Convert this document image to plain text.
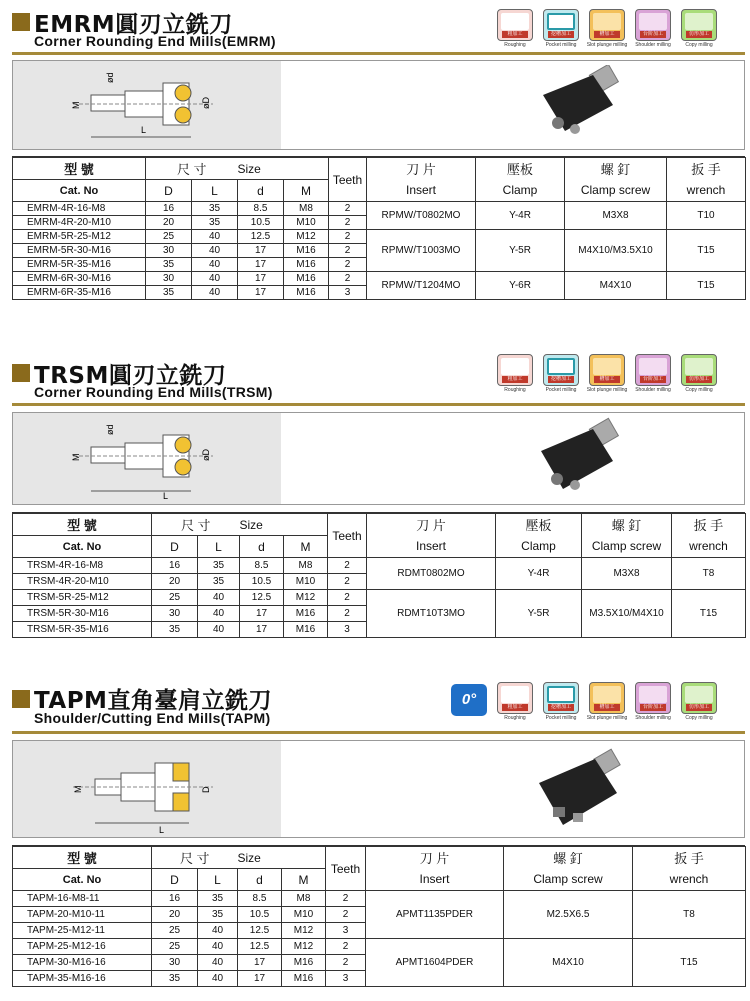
EMRM圓刃立銑刀
Corner Rounding End Mills(EMRM)	粗加工
Roughing
挖槽加工
Pocket milling
槽加工
Slot plunge milling
台阶加工
Shoulder milling
仿形加工
Copy milling
L
M
ød
øD
型 號	尺 寸		Size		Teeth	刀 片	壓板	螺 釘	扳 手
Cat. No	D	L	d	M		Insert	Clamp	Clamp screw	wrench
EMRM-4R-16-M8	16	35	8.5	M8	2	RPMW/T0802MO	Y-4R	M3X8	T10
EMRM-4R-20-M10	20	35	10.5	M10	2				
EMRM-5R-25-M12	25	40	12.5	M12	2	RPMW/T1003MO	Y-5R	M4X10/M3.5X10	T15
EMRM-5R-30-M16	30	40	17	M16	2				
EMRM-5R-35-M16	35	40	17	M16	2				
EMRM-6R-30-M16	30	40	17	M16	2	RPMW/T1204MO	Y-6R	M4X10	T15
EMRM-6R-35-M16	35	40	17	M16	3				
TRSM圓刃立銑刀
Corner Rounding End Mills(TRSM)
粗加工
Roughing
挖槽加工
Pocket milling
槽加工
Slot plunge milling
台阶加工
Shoulder milling
仿形加工
Copy milling
L
M
ød
øD
型 號	尺 寸		Size		Teeth	刀 片	壓板	螺 釘	扳 手
Cat. No	D	L	d	M		Insert	Clamp	Clamp screw	wrench
TRSM-4R-16-M8	16	35	8.5	M8	2	RDMT0802MO	Y-4R	M3X8	T8
TRSM-4R-20-M10	20	35	10.5	M10	2				
TRSM-5R-25-M12	25	40	12.5	M12	2	RDMT10T3MO	Y-5R	M3.5X10/M4X10	T15
TRSM-5R-30-M16	30	40	17	M16	2				
TRSM-5R-35-M16	35	40	17	M16	3				
TAPM直角臺肩立銑刀
Shoulder/Cutting End Mills(TAPM)
0°	粗加工
Roughing
挖槽加工
Pocket milling
槽加工
Slot plunge milling
台阶加工
Shoulder milling
仿形加工
Copy milling
L
M	D
型 號	尺 寸		Size		Teeth	刀 片	螺 釘	扳 手
Cat. No	D	L	d	M		Insert	Clamp screw	wrench
TAPM-16-M8-11	16	35	8.5	M8	2	APMT1135PDER	M2.5X6.5	T8
TAPM-20-M10-11	20	35	10.5	M10	2			
TAPM-25-M12-11	25	40	12.5	M12	3			
TAPM-25-M12-16	25	40	12.5	M12	2	APMT1604PDER	M4X10	T15
TAPM-30-M16-16	30	40	17	M16	2			
TAPM-35-M16-16	35	40	17	M16	3			
